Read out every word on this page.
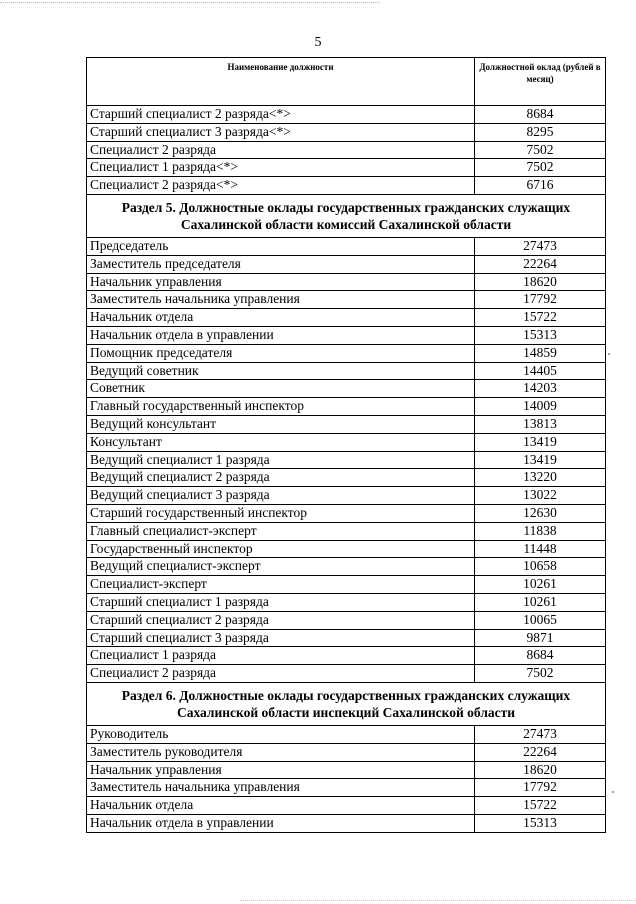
5
Наименование должности	Должностной оклад (рублей в месяц)
Старший специалист 2 разряда<*>	8684
Старший специалист 3 разряда<*>	8295
Специалист 2 разряда	7502
Специалист 1 разряда<*>	7502
Специалист 2 разряда<*>	6716
Раздел 5. Должностные оклады государственных гражданских служащих Сахалинской области комиссий Сахалинской области	
Председатель	27473
Заместитель председателя	22264
Начальник управления	18620
Заместитель начальника управления	17792
Начальник отдела	15722
Начальник отдела в управлении	15313
Помощник председателя	14859
Ведущий советник	14405
Советник	14203
Главный государственный инспектор	14009
Ведущий консультант	13813
Консультант	13419
Ведущий специалист 1 разряда	13419
Ведущий специалист 2 разряда	13220
Ведущий специалист 3 разряда	13022
Старший государственный инспектор	12630
Главный специалист-эксперт	11838
Государственный инспектор	11448
Ведущий специалист-эксперт	10658
Специалист-эксперт	10261
Старший специалист 1 разряда	10261
Старший специалист 2 разряда	10065
Старший специалист 3 разряда	9871
Специалист 1 разряда	8684
Специалист 2 разряда	7502
Раздел 6. Должностные оклады государственных гражданских служащих Сахалинской области инспекций Сахалинской области	
Руководитель	27473
Заместитель руководителя	22264
Начальник управления	18620
Заместитель начальника управления	17792
Начальник отдела	15722
Начальник отдела в управлении	15313
